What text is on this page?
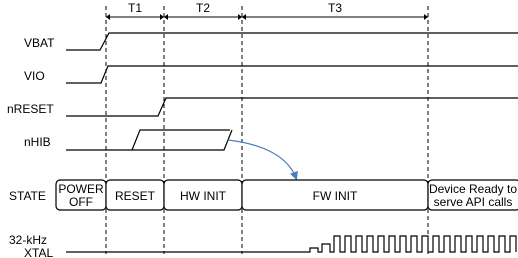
T1	T2	T3
VBAT
VIO
nRESET
nHIB
STATE
32-kHz
XTAL
POWER
OFF RESET HW INIT	FW INIT	Device Ready to
serve API calls
